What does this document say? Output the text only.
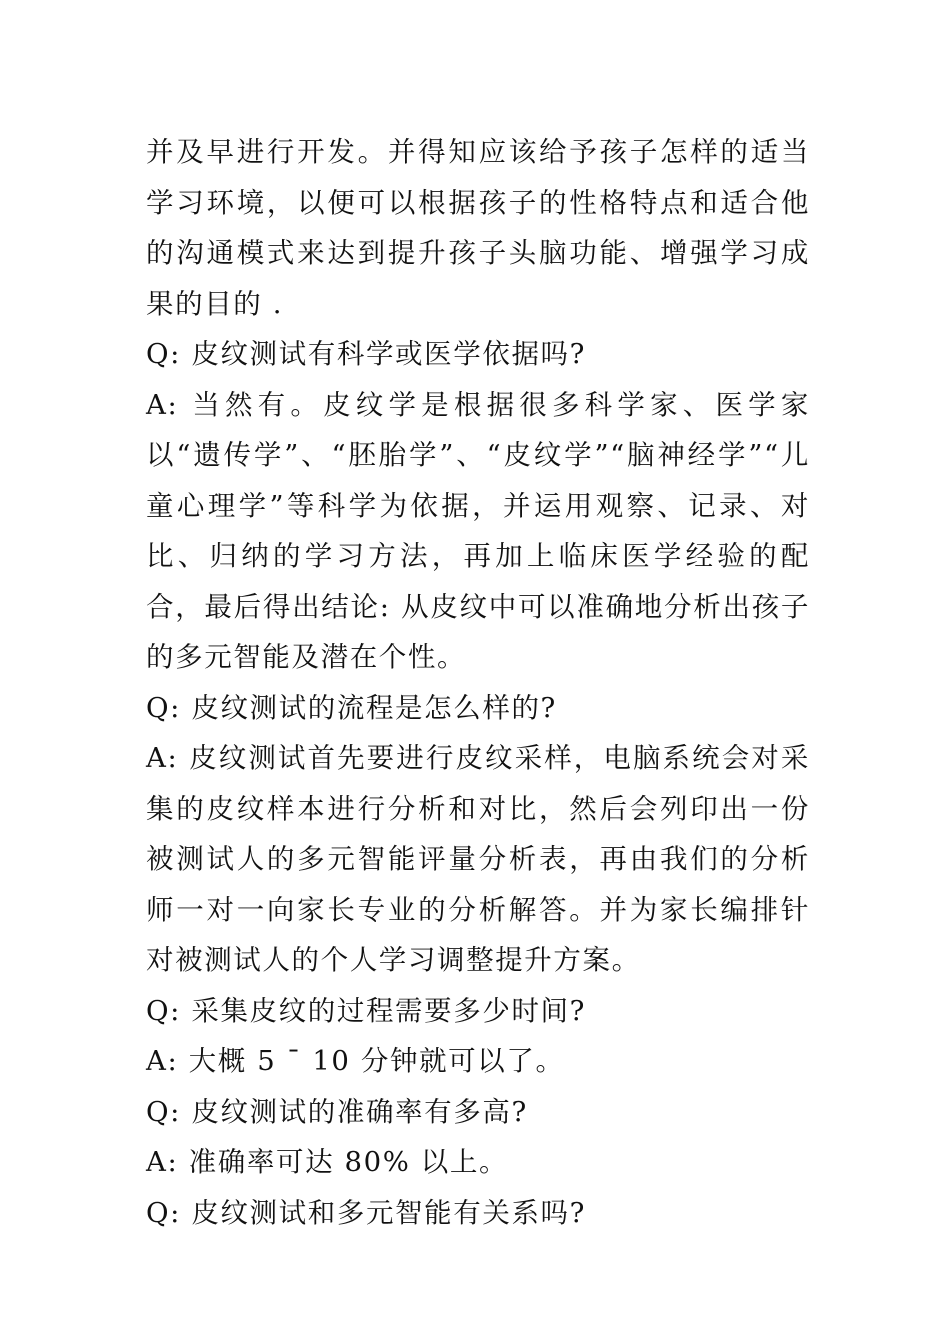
并及早进行开发。并得知应该给予孩子怎样的适当学习环境，以便可以根据孩子的性格特点和适合他的沟通模式来达到提升孩子头脑功能、增强学习成果的目的 .

Q: 皮纹测试有科学或医学依据吗?

A: 当然有。皮纹学是根据很多科学家、医学家以“遗传学”、“胚胎学”、“皮纹学”“脑神经学”“儿童心理学”等科学为依据，并运用观察、记录、对比、归纳的学习方法，再加上临床医学经验的配合，最后得出结论: 从皮纹中可以准确地分析出孩子的多元智能及潜在个性。

Q: 皮纹测试的流程是怎么样的?

A: 皮纹测试首先要进行皮纹采样，电脑系统会对采集的皮纹样本进行分析和对比，然后会列印出一份被测试人的多元智能评量分析表，再由我们的分析师一对一向家长专业的分析解答。并为家长编排针对被测试人的个人学习调整提升方案。

Q: 采集皮纹的过程需要多少时间?

A: 大概 5 ¯ 10 分钟就可以了。

Q: 皮纹测试的准确率有多高?

A: 准确率可达 80% 以上。

Q: 皮纹测试和多元智能有关系吗?
